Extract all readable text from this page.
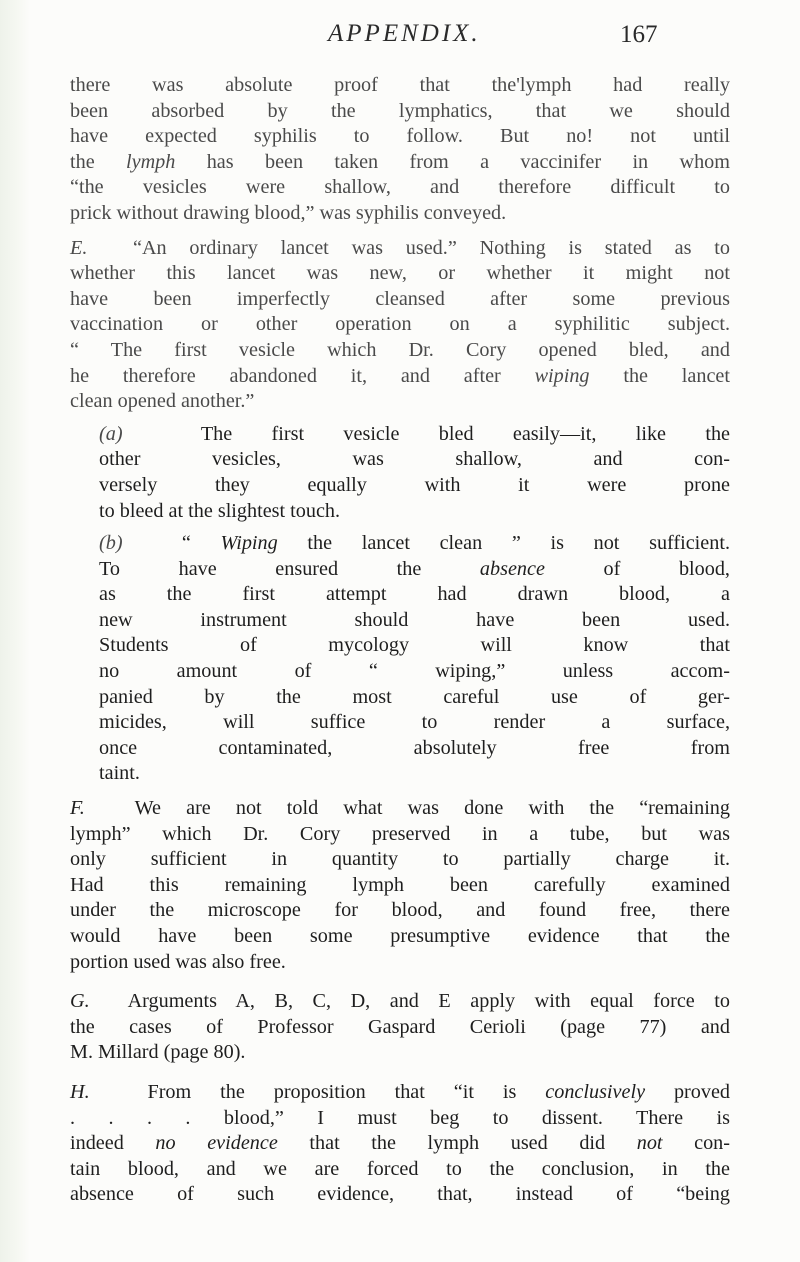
APPENDIX.	167
there was absolute proof that the'lymph had really
been absorbed by the lymphatics, that we should
have expected syphilis to follow. But no! not until
the lymph has been taken from a vaccinifer in whom
“the vesicles were shallow, and therefore difficult to
prick without drawing blood,” was syphilis conveyed.
E. “An ordinary lancet was used.” Nothing is stated as to
whether this lancet was new, or whether it might not
have been imperfectly cleansed after some previous
vaccination or other operation on a syphilitic subject.
“ The first vesicle which Dr. Cory opened bled, and
he therefore abandoned it, and after wiping the lancet
clean opened another.”
(a)	The first vesicle bled easily—it, like the
other vesicles, was shallow, and con-
versely they equally with it were prone
to bleed at the slightest touch.
(b)	“ Wiping the lancet clean ” is not sufficient.
To have ensured the absence of blood,
as the first attempt had drawn blood, a
new instrument should have been used.
Students of mycology will know that
no amount of “ wiping,” unless accom-
panied by the most careful use of ger-
micides, will suffice to render a surface,
once contaminated, absolutely free from
taint.
F. We are not told what was done with the “remaining
lymph” which Dr. Cory preserved in a tube, but was
only sufficient in quantity to partially charge it.
Had this remaining lymph been carefully examined
under the microscope for blood, and found free, there
would have been some presumptive evidence that the
portion used was also free.
G. Arguments A, B, C, D, and E apply with equal force to
the cases of Professor Gaspard Cerioli (page 77) and
M. Millard (page 80).
H.	From the proposition that “it is conclusively proved
. . . . blood,” I must beg to dissent. There is
indeed no evidence that the lymph used did not con-
tain blood, and we are forced to the conclusion, in the
absence of such evidence, that, instead of “being
